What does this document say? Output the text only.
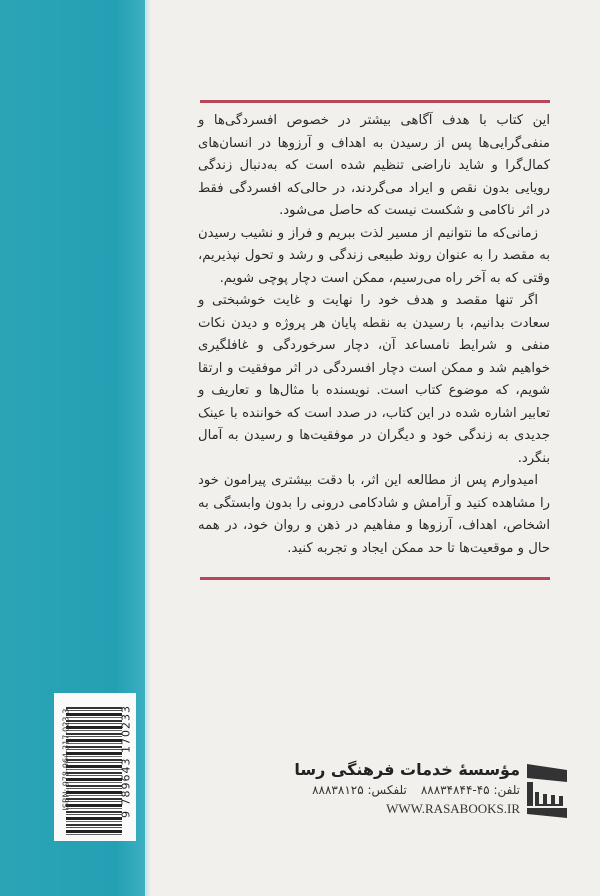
این کتاب با هدف آگاهی بیشتر در خصوص افسردگی‌ها و منفی‌گرایی‌ها پس از رسیدن به اهداف و آرزوها در انسان‌های کمال‌گرا و شاید ناراضی تنظیم شده است که به‌دنبال زندگی رویایی بدون نقص و ایراد می‌گردند، در حالی‌که افسردگی فقط در اثر ناکامی و شکست نیست که حاصل می‌شود.

زمانی‌که ما نتوانیم از مسیر لذت ببریم و فراز و نشیب رسیدن به مقصد را به عنوان روند طبیعی زندگی و رشد و تحول نپذیریم، وقتی که به آخر راه می‌رسیم، ممکن است دچار پوچی شویم.

اگر تنها مقصد و هدف خود را نهایت و غایت خوشبختی و سعادت بدانیم، با رسیدن به نقطه پایان هر پروژه و دیدن نکات منفی و شرایط نامساعد آن، دچار سرخوردگی و غافلگیری خواهیم شد و ممکن است دچار افسردگی در اثر موفقیت و ارتقا شویم، که موضوع کتاب است. نویسنده با مثال‌ها و تعاریف و تعابیر اشاره شده در این کتاب، در صدد است که خواننده با عینک جدیدی به زندگی خود و دیگران در موفقیت‌ها و رسیدن به آمال بنگرد.

امیدوارم پس از مطالعه این اثر، با دقت بیشتری پیرامون خود را مشاهده کنید و آرامش و شادکامی درونی را بدون وابستگی به اشخاص، اهداف، آرزوها و مفاهیم در ذهن و روان خود، در همه حال و موقعیت‌ها تا حد ممکن ایجاد و تجربه کنید.

ISBN: 978-964-317-023-3	9 789643 170233	مؤسسهٔ خدمات فرهنگی رسا
تلفن: ۴۵-۸۸۸۳۴۸۴۴تلفکس: ۸۸۸۳۸۱۲۵
WWW.RASABOOKS.IR
